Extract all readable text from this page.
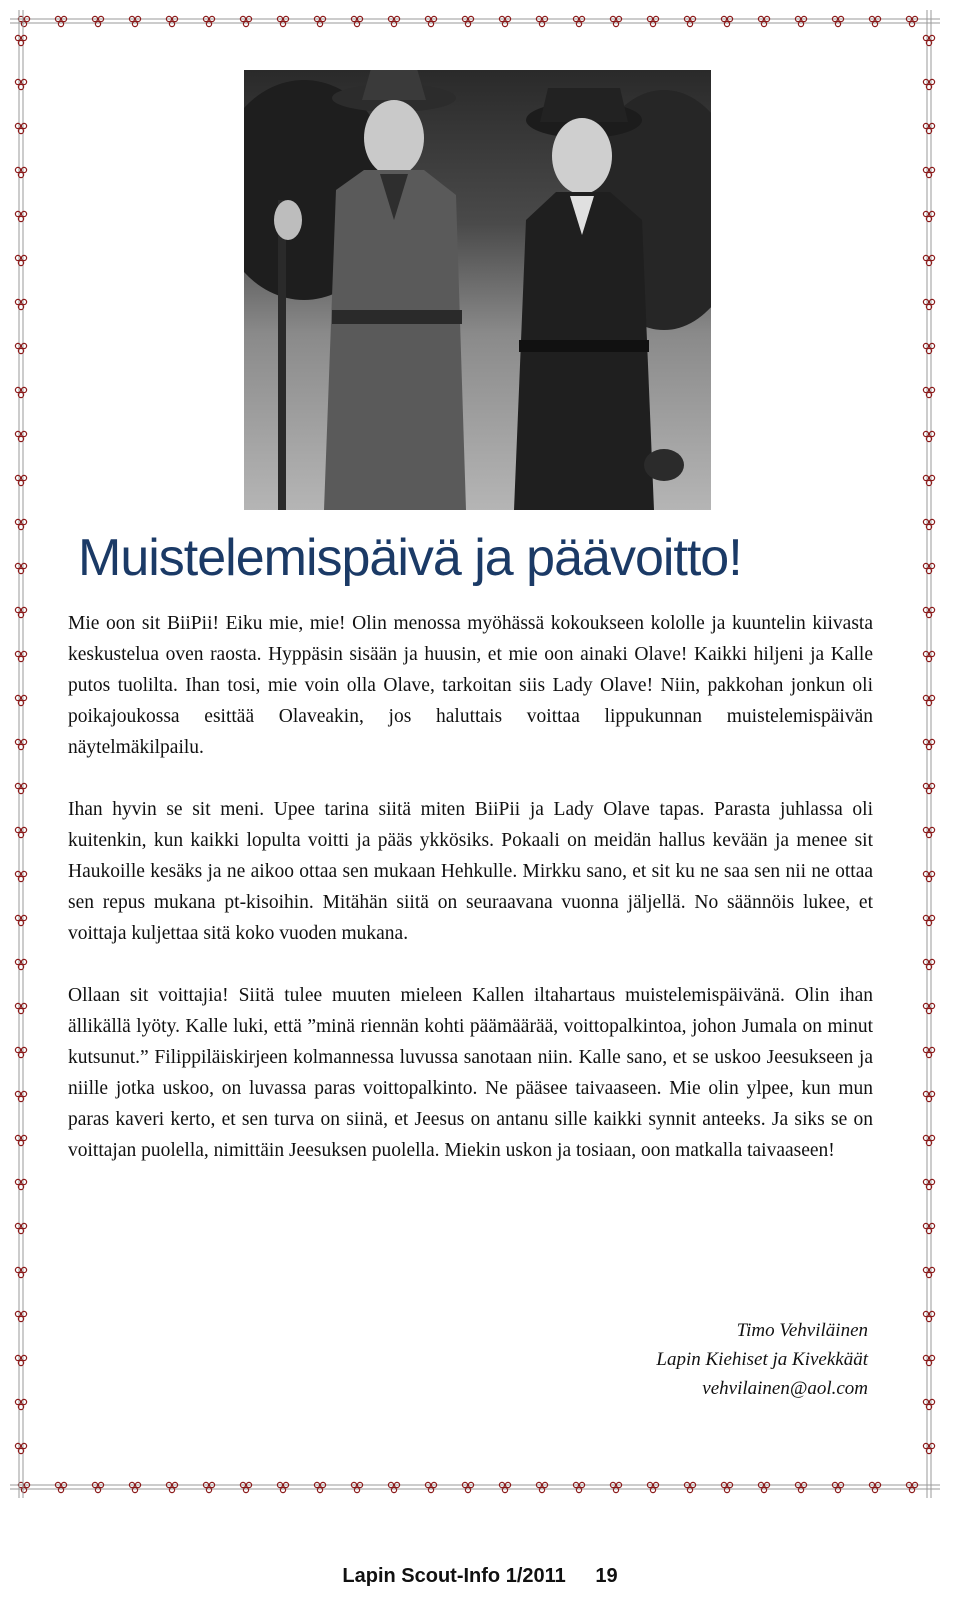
Muistelemispäivä ja päävoitto!

Mie oon sit BiiPii! Eiku mie, mie! Olin menossa myöhässä kokoukseen kololle ja kuuntelin kiivasta keskustelua oven raosta. Hyppäsin sisään ja huusin, et mie oon ainaki Olave! Kaikki hiljeni ja Kalle putos tuolilta. Ihan tosi, mie voin olla Olave, tarkoitan siis Lady Olave! Niin, pakkohan jonkun oli poikajoukossa esittää Olaveakin, jos haluttais voittaa lippukunnan muistelemispäivän näytelmäkilpailu.

Ihan hyvin se sit meni. Upee tarina siitä miten BiiPii ja Lady Olave tapas. Parasta juhlassa oli kuitenkin, kun kaikki lopulta voitti ja pääs ykkösiks. Pokaali on meidän hallus kevään ja menee sit Haukoille kesäks ja ne aikoo ottaa sen mukaan Hehkulle. Mirkku sano, et sit ku ne saa sen nii ne ottaa sen repus mukana pt-kisoihin. Mitähän siitä on seuraavana vuonna jäljellä. No säännöis lukee, et voittaja kuljettaa sitä koko vuoden mukana.

Ollaan sit voittajia! Siitä tulee muuten mieleen Kallen iltahartaus muistelemispäivänä. Olin ihan ällikällä lyöty. Kalle luki, että ”minä riennän kohti päämäärää, voittopalkintoa, johon Jumala on minut kutsunut.” Filippiläiskirjeen kolmannessa luvussa sanotaan niin. Kalle sano, et se uskoo Jeesukseen ja niille jotka uskoo, on luvassa paras voittopalkinto. Ne pääsee taivaaseen. Mie olin ylpee, kun mun paras kaveri kerto, et sen turva on siinä, et Jeesus on antanu sille kaikki synnit anteeks. Ja siks se on voittajan puolella, nimittäin Jeesuksen puolella. Miekin uskon ja tosiaan, oon matkalla taivaaseen!

Timo Vehviläinen
Lapin Kiehiset ja Kivekkäät
vehvilainen@aol.com
Lapin Scout-Info 1/2011 19
